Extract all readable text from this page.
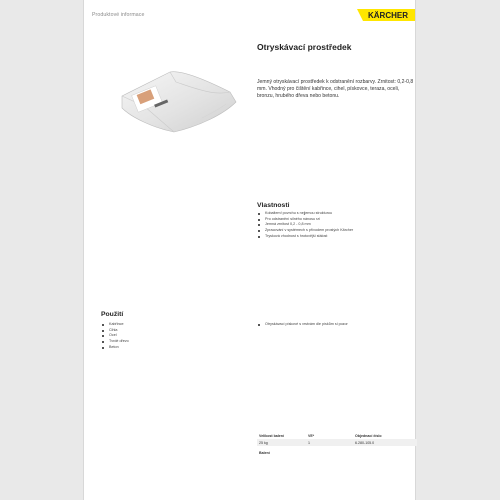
Produktové informace	KÄRCHER
Otryskávací prostředek
Jemný otryskávací prostředek k odstranění rozbarvy. Zrnitost: 0,2-0,8 mm. Vhodný pro čištění kabřince, cihel, pískovce, teraza, oceli, bronzu, hrubého dřeva nebo betonu.
Vlastnosti
Kobaltem! povrchu s nejjemou strukturou
Pro odstranění silného nánosu rzi
Jemná zrnitost 0,2 - 0,8 mm
Zpracování v systémech s přívodem prostých Kärcher
Trysková vhodnost s hrotovější stálost
Použití
Kabřince
Cihla
Ocel
Tvrdé dřevo
Beton
Otryskávací pískové s vrstvám dle pískům si pozor
Velikost balení	VE*	Objednací číslo
25 kg	1	6.280-105.0
Balení
